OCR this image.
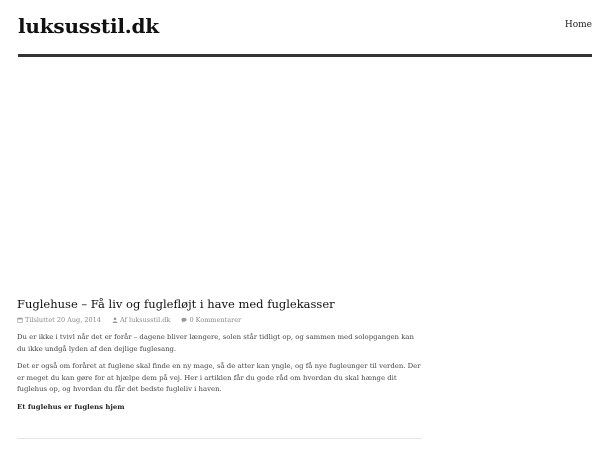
luksusstil.dk	Home
Fuglehuse – Få liv og fuglefløjt i have med fuglekasser
Tilsluttet 20 Aug, 2014	Af luksusstil.dk	0 Kommentarer

Du er ikke i tvivl når det er forår – dagene bliver længere, solen står tidligt op, og sammen med solopgangen kan du ikke undgå lyden af den dejlige fuglesang.

Det er også om foråret at fuglene skal finde en ny mage, så de atter kan yngle, og få nye fugleunger til verden. Der er meget du kan gøre for at hjælpe dem på vej. Her i artiklen får du gode råd om hvordan du skal hænge dit fuglehus op, og hvordan du får det bedste fugleliv i haven.

Et fuglehus er fuglens hjem
